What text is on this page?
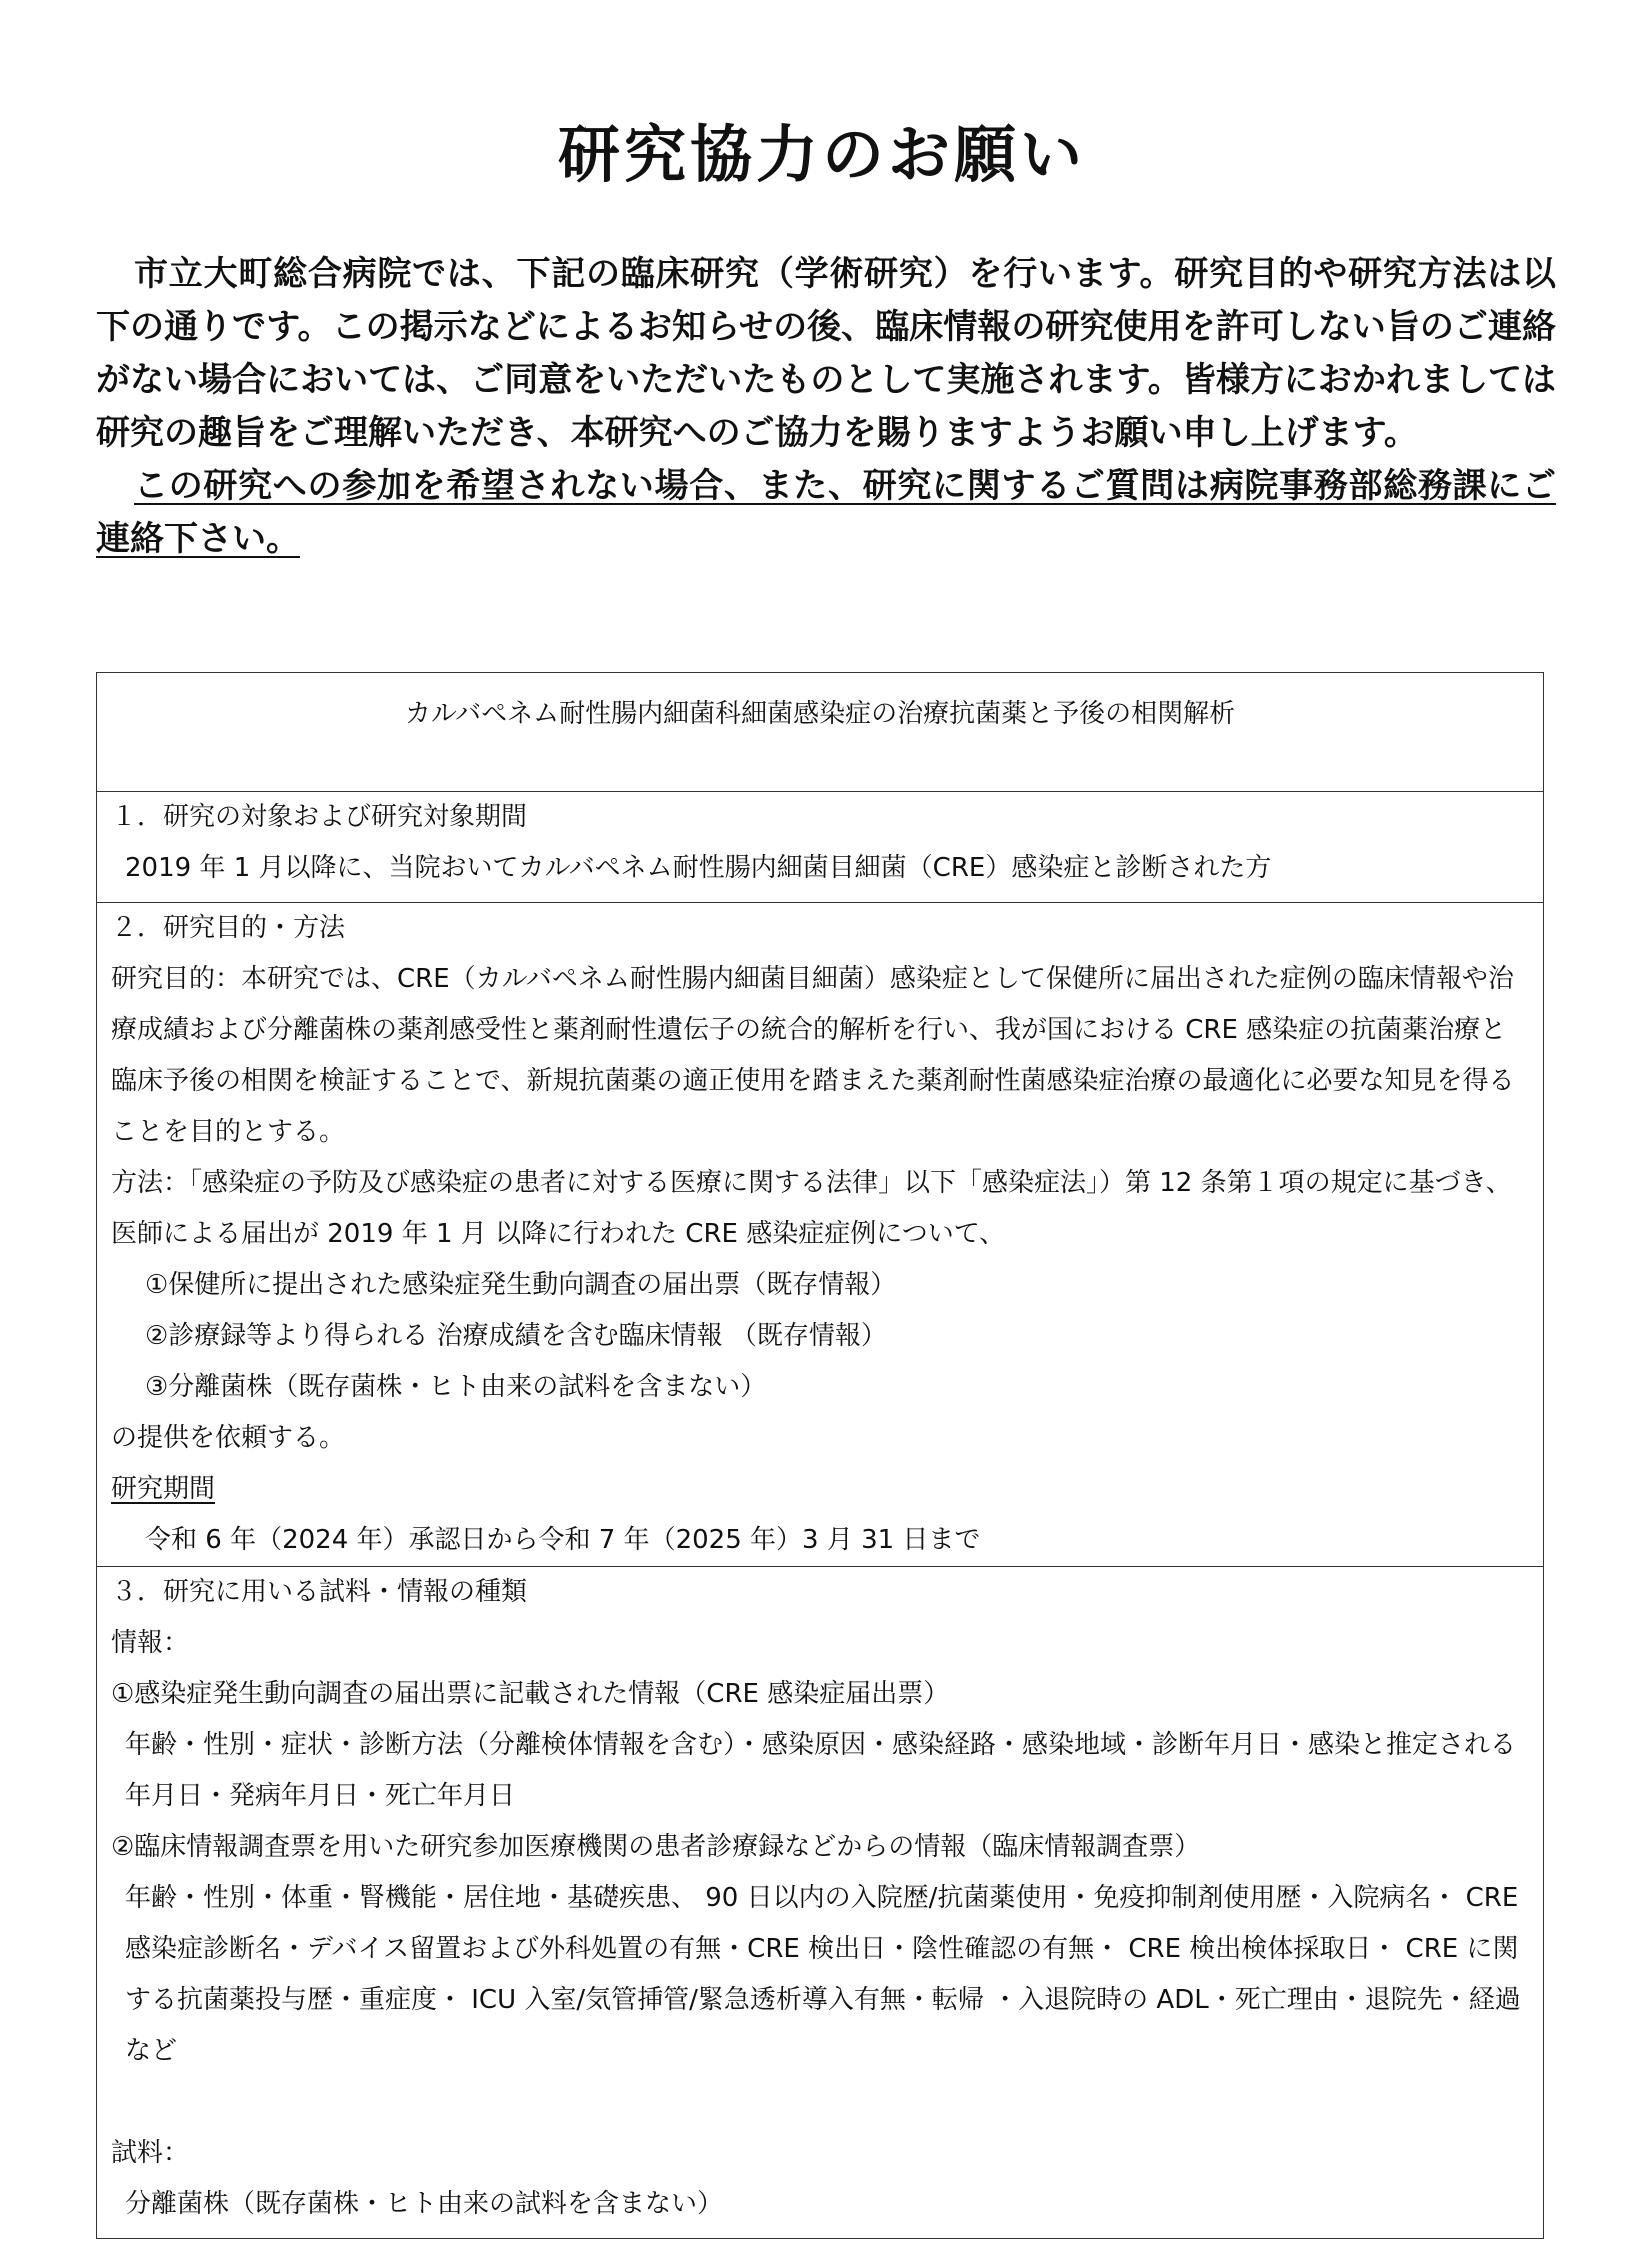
研究協力のお願い

市立大町総合病院では、下記の臨床研究（学術研究）を行います。研究目的や研究方法は以下の通りです。この掲示などによるお知らせの後、臨床情報の研究使用を許可しない旨のご連絡がない場合においては、ご同意をいただいたものとして実施されます。皆様方におかれましては研究の趣旨をご理解いただき、本研究へのご協力を賜りますようお願い申し上げます。

この研究への参加を希望されない場合、また、研究に関するご質問は病院事務部総務課にご連絡下さい。

カルバペネム耐性腸内細菌科細菌感染症の治療抗菌薬と予後の相関解析

１．研究の対象および研究対象期間
2019 年 1 月以降に、当院おいてカルバペネム耐性腸内細菌目細菌（CRE）感染症と診断された方

２．研究目的・方法
研究目的：本研究では、CRE（カルバペネム耐性腸内細菌目細菌）感染症として保健所に届出された症例の臨床情報や治療成績および分離菌株の薬剤感受性と薬剤耐性遺伝子の統合的解析を行い、我が国における CRE 感染症の抗菌薬治療と臨床予後の相関を検証することで、新規抗菌薬の適正使用を踏まえた薬剤耐性菌感染症治療の最適化に必要な知見を得ることを目的とする。
方法：「感染症の予防及び感染症の患者に対する医療に関する法律」以下「感染症法」）第 12 条第１項の規定に基づき、医師による届出が 2019 年 1 月 以降に行われた CRE 感染症症例について、
①保健所に提出された感染症発生動向調査の届出票（既存情報）
②診療録等より得られる 治療成績を含む臨床情報 （既存情報）
③分離菌株（既存菌株・ヒト由来の試料を含まない）
の提供を依頼する。
研究期間
令和 6 年（2024 年）承認日から令和 7 年（2025 年）3 月 31 日まで

３．研究に用いる試料・情報の種類
情報：
①感染症発生動向調査の届出票に記載された情報（CRE 感染症届出票）
年齢・性別・症状・診断方法（分離検体情報を含む）・感染原因・感染経路・感染地域・診断年月日・感染と推定される年月日・発病年月日・死亡年月日
②臨床情報調査票を用いた研究参加医療機関の患者診療録などからの情報（臨床情報調査票）
年齢・性別・体重・腎機能・居住地・基礎疾患、 90 日以内の入院歴/抗菌薬使用・免疫抑制剤使用歴・入院病名・ CRE 感染症診断名・デバイス留置および外科処置の有無・CRE 検出日・陰性確認の有無・ CRE 検出検体採取日・ CRE に関する抗菌薬投与歴・重症度・ ICU 入室/気管挿管/緊急透析導入有無・転帰 ・入退院時の ADL・死亡理由・退院先・経過など
試料：
分離菌株（既存菌株・ヒト由来の試料を含まない）
